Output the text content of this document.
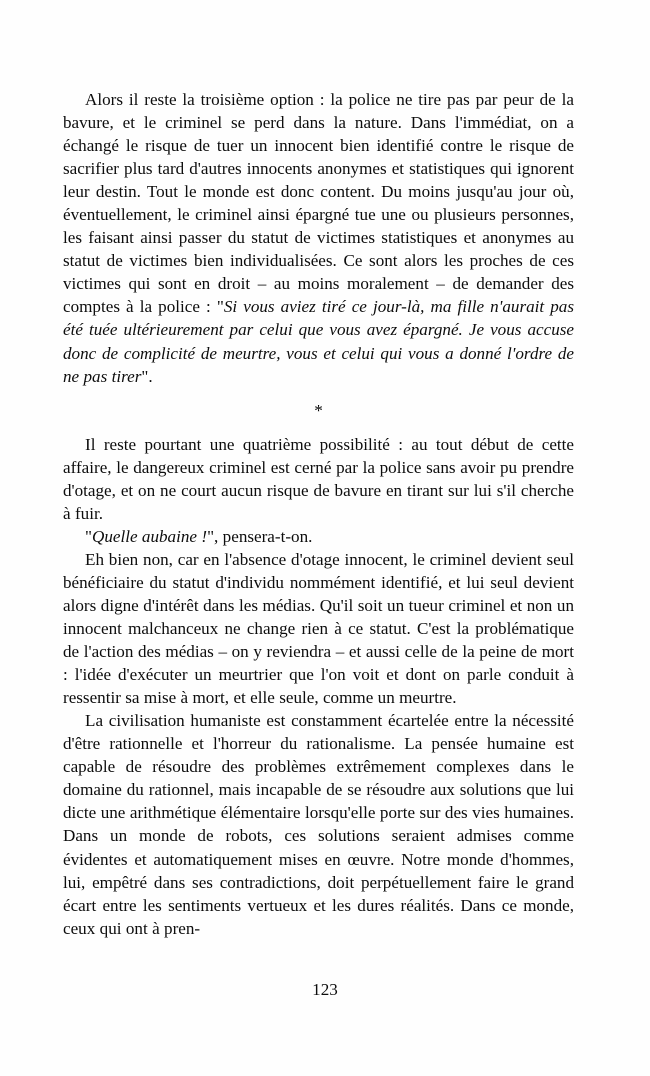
Alors il reste la troisième option : la police ne tire pas par peur de la bavure, et le criminel se perd dans la nature. Dans l'immédiat, on a échangé le risque de tuer un innocent bien identifié contre le risque de sacrifier plus tard d'autres innocents anonymes et statistiques qui ignorent leur destin. Tout le monde est donc content. Du moins jusqu'au jour où, éventuellement, le criminel ainsi épargné tue une ou plusieurs personnes, les faisant ainsi passer du statut de victimes statistiques et anonymes au statut de victimes bien individualisées. Ce sont alors les proches de ces victimes qui sont en droit – au moins moralement – de demander des comptes à la police : "Si vous aviez tiré ce jour-là, ma fille n'aurait pas été tuée ultérieurement par celui que vous avez épargné. Je vous accuse donc de complicité de meurtre, vous et celui qui vous a donné l'ordre de ne pas tirer".

*

Il reste pourtant une quatrième possibilité : au tout début de cette affaire, le dangereux criminel est cerné par la police sans avoir pu prendre d'otage, et on ne court aucun risque de bavure en tirant sur lui s'il cherche à fuir.

"Quelle aubaine !", pensera-t-on.

Eh bien non, car en l'absence d'otage innocent, le criminel devient seul bénéficiaire du statut d'individu nommément identifié, et lui seul devient alors digne d'intérêt dans les médias. Qu'il soit un tueur criminel et non un innocent malchanceux ne change rien à ce statut. C'est la problématique de l'action des médias – on y reviendra – et aussi celle de la peine de mort : l'idée d'exécuter un meurtrier que l'on voit et dont on parle conduit à ressentir sa mise à mort, et elle seule, comme un meurtre.

La civilisation humaniste est constamment écartelée entre la nécessité d'être rationnelle et l'horreur du rationalisme. La pensée humaine est capable de résoudre des problèmes extrêmement complexes dans le domaine du rationnel, mais incapable de se résoudre aux solutions que lui dicte une arithmétique élémentaire lorsqu'elle porte sur des vies humaines. Dans un monde de robots, ces solutions seraient admises comme évidentes et automatiquement mises en œuvre. Notre monde d'hommes, lui, empêtré dans ses contradictions, doit perpétuellement faire le grand écart entre les sentiments vertueux et les dures réalités. Dans ce monde, ceux qui ont à pren-

123
